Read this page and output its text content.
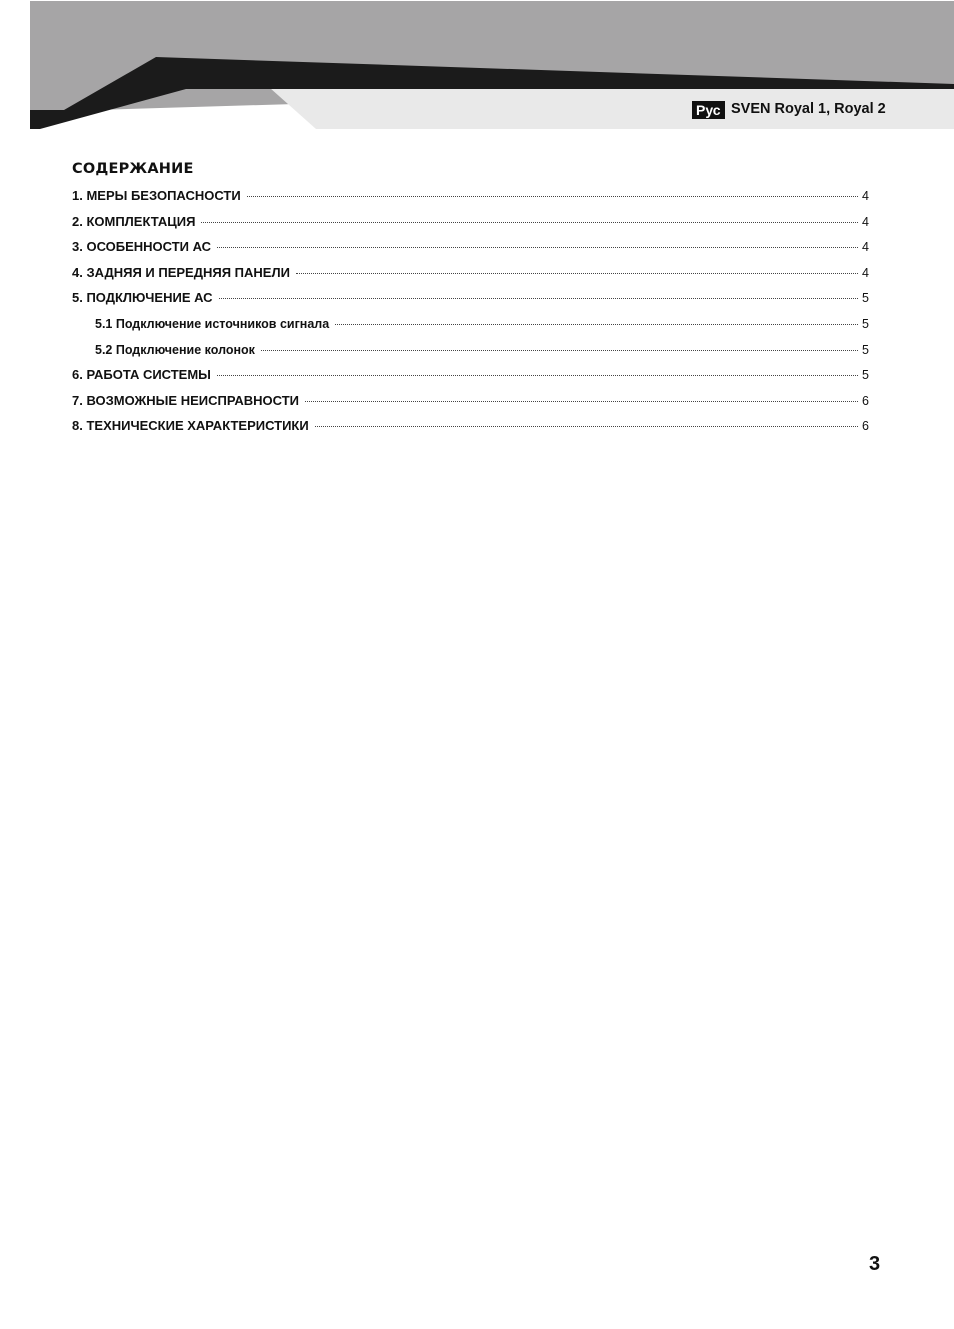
Рус SVEN Royal 1, Royal 2
СОДЕРЖАНИЕ
1. МЕРЫ БЕЗОПАСНОСТИ	4
2. КОМПЛЕКТАЦИЯ	4
3. ОСОБЕННОСТИ АС	4
4. ЗАДНЯЯ И ПЕРЕДНЯЯ ПАНЕЛИ	4
5. ПОДКЛЮЧЕНИЕ АС	5
5.1 Подключение источников сигнала	5
5.2 Подключение колонок	5
6. РАБОТА СИСТЕМЫ	5
7. ВОЗМОЖНЫЕ НЕИСПРАВНОСТИ	6
8. ТЕХНИЧЕСКИЕ ХАРАКТЕРИСТИКИ	6
3
